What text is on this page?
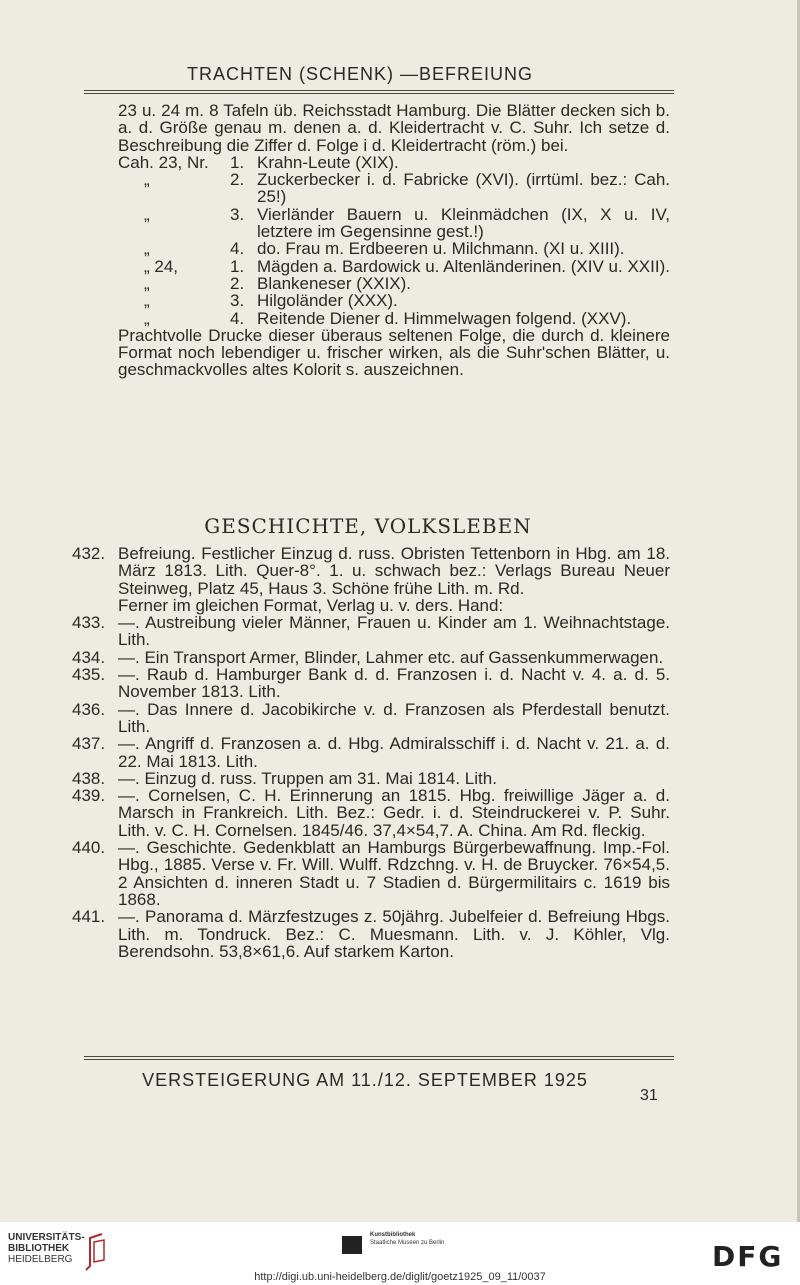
TRACHTEN (SCHENK) —BEFREIUNG
23 u. 24 m. 8 Tafeln üb. Reichsstadt Hamburg. Die Blätter decken sich b. a. d. Größe genau m. denen a. d. Kleidertracht v. C. Suhr. Ich setze d. Beschreibung die Ziffer d. Folge i d. Kleidertracht (röm.) bei.
Cah. 23, Nr. 1. Krahn-Leute (XIX).
„	2. Zuckerbecker i. d. Fabricke (XVI). (irrtüml. bez.: Cah. 25!)
„	3. Vierländer Bauern u. Kleinmädchen (IX, X u. IV, letztere im Gegensinne gest.!)
„	4. do. Frau m. Erdbeeren u. Milchmann. (XI u. XIII).
„ 24,	1. Mägden a. Bardowick u. Altenländerinen. (XIV u. XXII).
„	2. Blankeneser (XXIX).
„	3. Hilgoländer (XXX).
„	4. Reitende Diener d. Himmelwagen folgend. (XXV).
Prachtvolle Drucke dieser überaus seltenen Folge, die durch d. kleinere Format noch lebendiger u. frischer wirken, als die Suhr'schen Blätter, u. geschmackvolles altes Kolorit s. auszeichnen.
GESCHICHTE, VOLKSLEBEN
432. Befreiung. Festlicher Einzug d. russ. Obristen Tettenborn in Hbg. am 18. März 1813. Lith. Quer-8°. 1. u. schwach bez.: Verlags Bureau Neuer Steinweg, Platz 45, Haus 3. Schöne frühe Lith. m. Rd.
Ferner im gleichen Format, Verlag u. v. ders. Hand:
433. —. Austreibung vieler Männer, Frauen u. Kinder am 1. Weihnachtstage. Lith.
434. —. Ein Transport Armer, Blinder, Lahmer etc. auf Gassenkummerwagen.
435. —. Raub d. Hamburger Bank d. d. Franzosen i. d. Nacht v. 4. a. d. 5. November 1813. Lith.
436. —. Das Innere d. Jacobikirche v. d. Franzosen als Pferdestall benutzt. Lith.
437. —. Angriff d. Franzosen a. d. Hbg. Admiralsschiff i. d. Nacht v. 21. a. d. 22. Mai 1813. Lith.
438. —. Einzug d. russ. Truppen am 31. Mai 1814. Lith.
439. —. Cornelsen, C. H. Erinnerung an 1815. Hbg. freiwillige Jäger a. d. Marsch in Frankreich. Lith. Bez.: Gedr. i. d. Steindruckerei v. P. Suhr. Lith. v. C. H. Cornelsen. 1845/46. 37,4×54,7. A. China. Am Rd. fleckig.
440. —. Geschichte. Gedenkblatt an Hamburgs Bürgerbewaffnung. Imp.-Fol. Hbg., 1885. Verse v. Fr. Will. Wulff. Rdzchng. v. H. de Bruycker. 76×54,5. 2 Ansichten d. inneren Stadt u. 7 Stadien d. Bürgermilitairs c. 1619 bis 1868.
441. —. Panorama d. Märzfestzuges z. 50jährg. Jubelfeier d. Befreiung Hbgs. Lith. m. Tondruck. Bez.: C. Muesmann. Lith. v. J. Köhler, Vlg. Berendsohn. 53,8×61,6. Auf starkem Karton.
VERSTEIGERUNG AM 11./12. SEPTEMBER 1925
31
UNIVERSITÄTS-
BIBLIOTHEK
HEIDELBERG
Kunstbibliothek
Staatliche Museen zu Berlin	DFG
http://digi.ub.uni-heidelberg.de/diglit/goetz1925_09_11/0037
